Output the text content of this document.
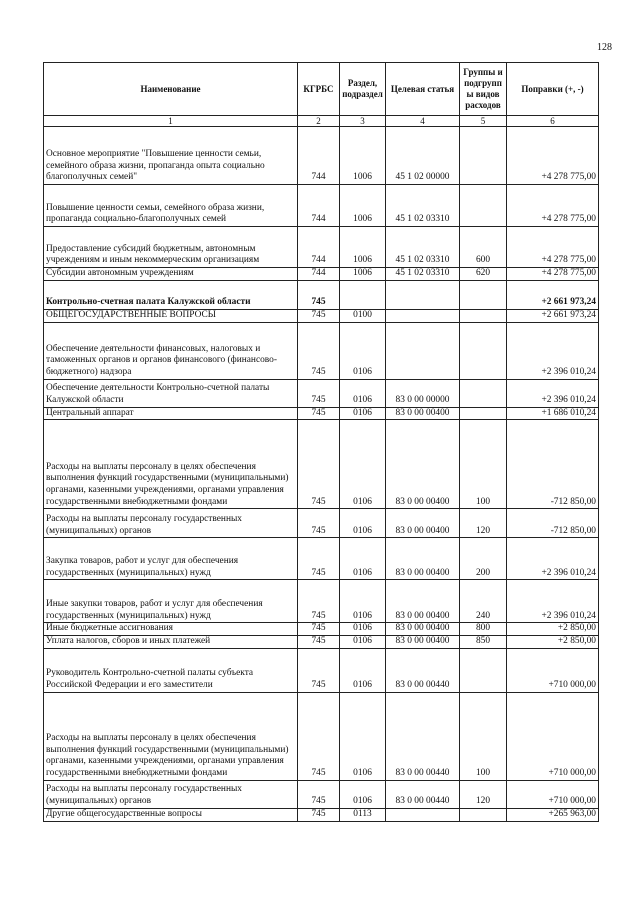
128
Наименование	КГРБС	Раздел, подраздел	Целевая статья	Группы и подгрупп ы видов расходов	Поправки (+, -)
1	2	3	4	5	6
Основное мероприятие "Повышение ценности семьи, семейного образа жизни, пропаганда опыта социально благополучных семей"	744	1006	45 1 02 00000		+4 278 775,00
Повышение ценности семьи, семейного образа жизни, пропаганда социально-благополучных семей	744	1006	45 1 02 03310		+4 278 775,00
Предоставление субсидий бюджетным, автономным учреждениям и иным некоммерческим организациям	744	1006	45 1 02 03310	600	+4 278 775,00
Субсидии автономным учреждениям	744	1006	45 1 02 03310	620	+4 278 775,00
Контрольно-счетная палата Калужской области	745				+2 661 973,24
ОБЩЕГОСУДАРСТВЕННЫЕ ВОПРОСЫ	745	0100			+2 661 973,24
Обеспечение деятельности финансовых, налоговых и таможенных органов и органов финансового (финансово-бюджетного) надзора	745	0106			+2 396 010,24
Обеспечение деятельности Контрольно-счетной палаты Калужской области	745	0106	83 0 00 00000		+2 396 010,24
Центральный аппарат	745	0106	83 0 00 00400		+1 686 010,24
Расходы на выплаты персоналу в целях обеспечения выполнения функций государственными (муниципальными) органами, казенными учреждениями, органами управления государственными внебюджетными фондами	745	0106	83 0 00 00400	100	-712 850,00
Расходы на выплаты персоналу государственных (муниципальных) органов	745	0106	83 0 00 00400	120	-712 850,00
Закупка товаров, работ и услуг для обеспечения государственных (муниципальных) нужд	745	0106	83 0 00 00400	200	+2 396 010,24
Иные закупки товаров, работ и услуг для обеспечения государственных (муниципальных) нужд	745	0106	83 0 00 00400	240	+2 396 010,24
Иные бюджетные ассигнования	745	0106	83 0 00 00400	800	+2 850,00
Уплата налогов, сборов и иных платежей	745	0106	83 0 00 00400	850	+2 850,00
Руководитель Контрольно-счетной палаты субъекта Российской Федерации и его заместители	745	0106	83 0 00 00440		+710 000,00
Расходы на выплаты персоналу в целях обеспечения выполнения функций государственными (муниципальными) органами, казенными учреждениями, органами управления государственными внебюджетными фондами	745	0106	83 0 00 00440	100	+710 000,00
Расходы на выплаты персоналу государственных (муниципальных) органов	745	0106	83 0 00 00440	120	+710 000,00
Другие общегосударственные вопросы	745	0113			+265 963,00
